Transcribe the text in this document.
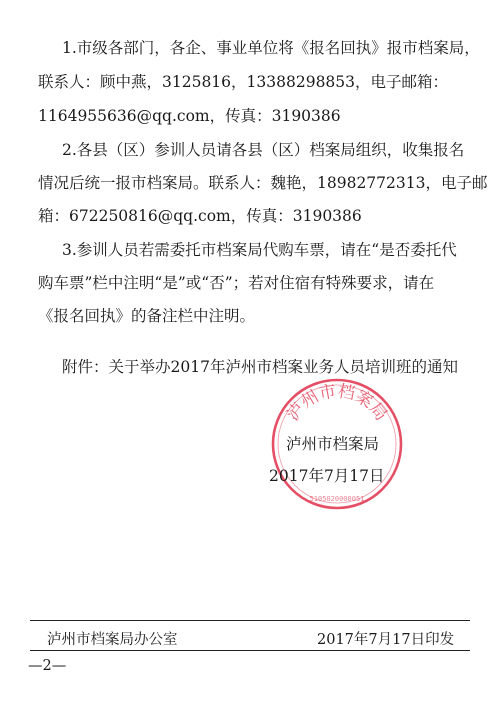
1.市级各部门，各企、事业单位将《报名回执》报市档案局，
联系人：顾中燕，3125816，13388298853，电子邮箱：
1164955636@qq.com，传真：3190386
2.各县（区）参训人员请各县（区）档案局组织，收集报名
情况后统一报市档案局。联系人：魏艳，18982772313，电子邮
箱：672250816@qq.com，传真：3190386
3.参训人员若需委托市档案局代购车票，请在“是否委托代
购车票”栏中注明“是”或“否”；若对住宿有特殊要求，请在
《报名回执》的备注栏中注明。
附件：关于举办2017年泸州市档案业务人员培训班的通知
泸州市档案局
5105020000051
泸州市档案局
2017年7月17日
泸州市档案局办公室	2017年7月17日印发
—2—
